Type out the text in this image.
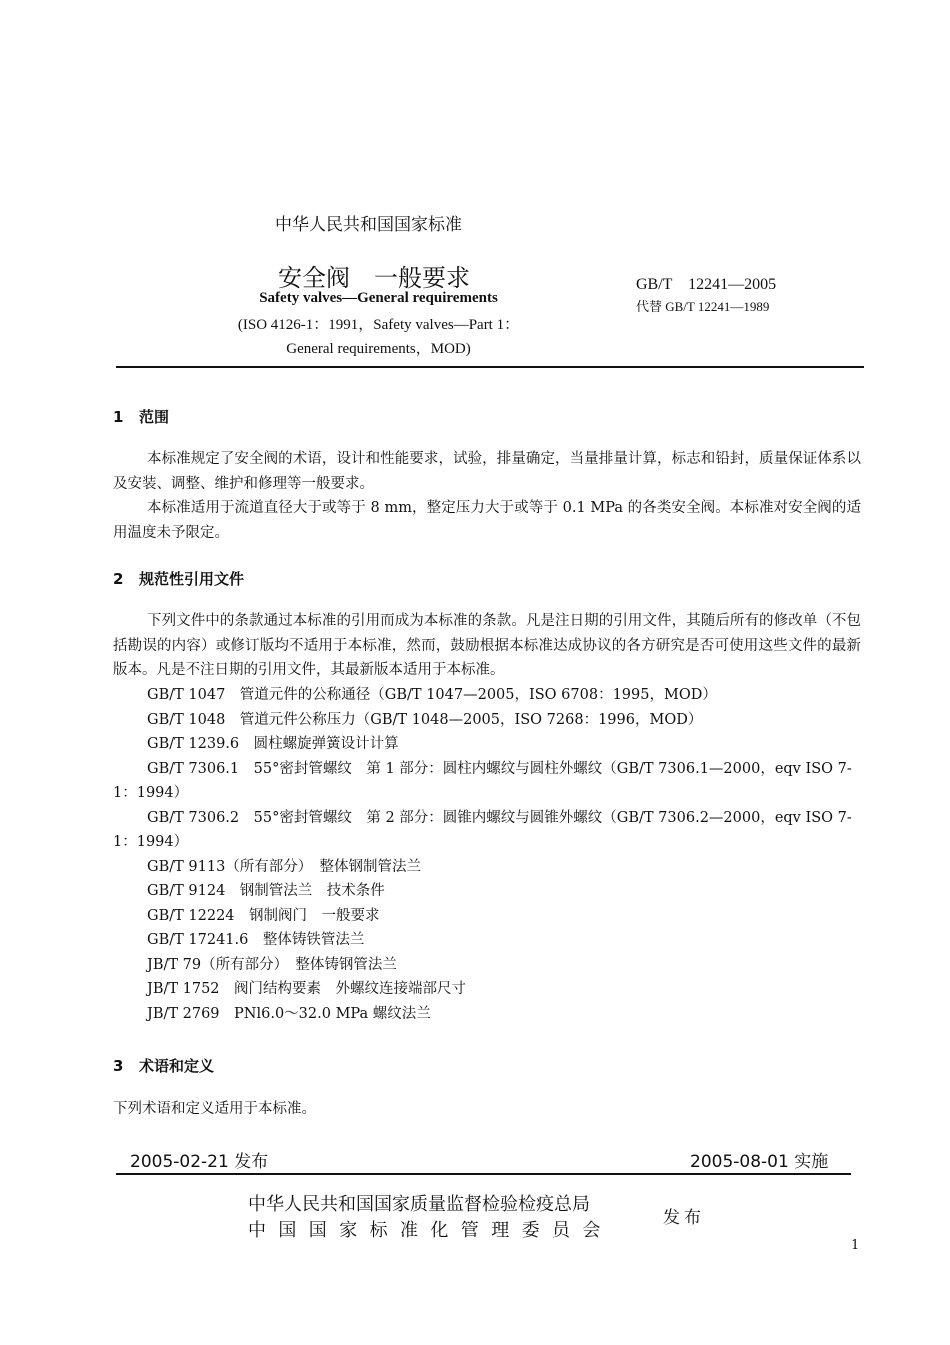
中华人民共和国国家标准
安全阀　一般要求
Safety valves—General requirements
(ISO 4126-1：1991，Safety valves—Part 1：
General requirements，MOD)
GB/T　12241—2005
代替 GB/T 12241—1989
1 范围
本标准规定了安全阀的术语，设计和性能要求，试验，排量确定，当量排量计算，标志和铅封，质量保证体系以及安装、调整、维护和修理等一般要求。
本标准适用于流道直径大于或等于 8 mm，整定压力大于或等于 0.1 MPa 的各类安全阀。本标准对安全阀的适用温度未予限定。
2 规范性引用文件
下列文件中的条款通过本标准的引用而成为本标准的条款。凡是注日期的引用文件，其随后所有的修改单（不包括勘误的内容）或修订版均不适用于本标准，然而，鼓励根据本标准达成协议的各方研究是否可使用这些文件的最新版本。凡是不注日期的引用文件，其最新版本适用于本标准。
GB/T 1047　管道元件的公称通径（GB/T 1047—2005，ISO 6708：1995，MOD）
GB/T 1048　管道元件公称压力（GB/T 1048—2005，ISO 7268：1996，MOD）
GB/T 1239.6　圆柱螺旋弹簧设计计算
GB/T 7306.1　55°密封管螺纹　第 1 部分：圆柱内螺纹与圆柱外螺纹（GB/T 7306.1—2000，eqv ISO 7-1：1994）
GB/T 7306.2　55°密封管螺纹　第 2 部分：圆锥内螺纹与圆锥外螺纹（GB/T 7306.2—2000，eqv ISO 7-1：1994）
GB/T 9113（所有部分）　整体钢制管法兰
GB/T 9124　钢制管法兰　技术条件
GB/T 12224　钢制阀门　一般要求
GB/T 17241.6　整体铸铁管法兰
JB/T 79（所有部分）　整体铸钢管法兰
JB/T 1752　阀门结构要素　外螺纹连接端部尺寸
JB/T 2769　PNl6.0～32.0 MPa 螺纹法兰
3 术语和定义
下列术语和定义适用于本标准。
2005-02-21 发布	2005-08-01 实施
中华人民共和国国家质量监督检验检疫总局
中国国家标准化管理委员会
发布
1
